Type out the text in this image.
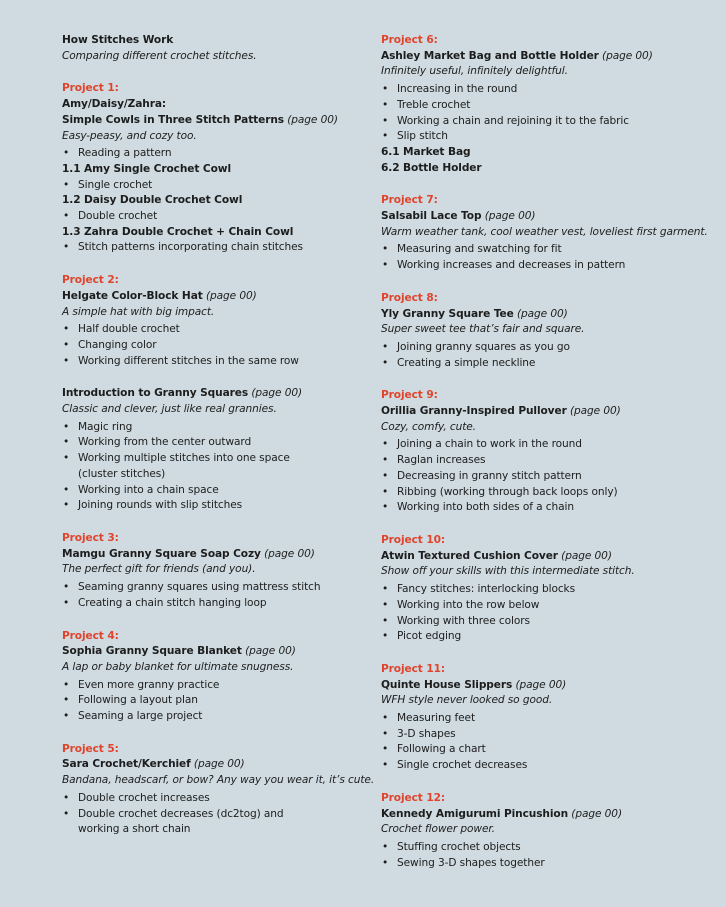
How Stitches Work
Comparing different crochet stitches.
Project 1:
Amy/Daisy/Zahra:
Simple Cowls in Three Stitch Patterns (page 00)
Easy-peasy, and cozy too.
• Reading a pattern
1.1 Amy Single Crochet Cowl
• Single crochet
1.2 Daisy Double Crochet Cowl
• Double crochet
1.3 Zahra Double Crochet + Chain Cowl
• Stitch patterns incorporating chain stitches
Project 2:
Helgate Color-Block Hat (page 00)
A simple hat with big impact.
• Half double crochet
• Changing color
• Working different stitches in the same row
Introduction to Granny Squares (page 00)
Classic and clever, just like real grannies.
• Magic ring
• Working from the center outward
• Working multiple stitches into one space (cluster stitches)
• Working into a chain space
• Joining rounds with slip stitches
Project 3:
Mamgu Granny Square Soap Cozy (page 00)
The perfect gift for friends (and you).
• Seaming granny squares using mattress stitch
• Creating a chain stitch hanging loop
Project 4:
Sophia Granny Square Blanket (page 00)
A lap or baby blanket for ultimate snugness.
• Even more granny practice
• Following a layout plan
• Seaming a large project
Project 5:
Sara Crochet/Kerchief (page 00)
Bandana, headscarf, or bow? Any way you wear it, it’s cute.
• Double crochet increases
• Double crochet decreases (dc2tog) and working a short chain
Project 6:
Ashley Market Bag and Bottle Holder (page 00)
Infinitely useful, infinitely delightful.
• Increasing in the round
• Treble crochet
• Working a chain and rejoining it to the fabric
• Slip stitch
6.1 Market Bag
6.2 Bottle Holder
Project 7:
Salsabil Lace Top (page 00)
Warm weather tank, cool weather vest, loveliest first garment.
• Measuring and swatching for fit
• Working increases and decreases in pattern
Project 8:
Yly Granny Square Tee (page 00)
Super sweet tee that’s fair and square.
• Joining granny squares as you go
• Creating a simple neckline
Project 9:
Orillia Granny-Inspired Pullover (page 00)
Cozy, comfy, cute.
• Joining a chain to work in the round
• Raglan increases
• Decreasing in granny stitch pattern
• Ribbing (working through back loops only)
• Working into both sides of a chain
Project 10:
Atwin Textured Cushion Cover (page 00)
Show off your skills with this intermediate stitch.
• Fancy stitches: interlocking blocks
• Working into the row below
• Working with three colors
• Picot edging
Project 11:
Quinte House Slippers (page 00)
WFH style never looked so good.
• Measuring feet
• 3-D shapes
• Following a chart
• Single crochet decreases
Project 12:
Kennedy Amigurumi Pincushion (page 00)
Crochet flower power.
• Stuffing crochet objects
• Sewing 3-D shapes together
